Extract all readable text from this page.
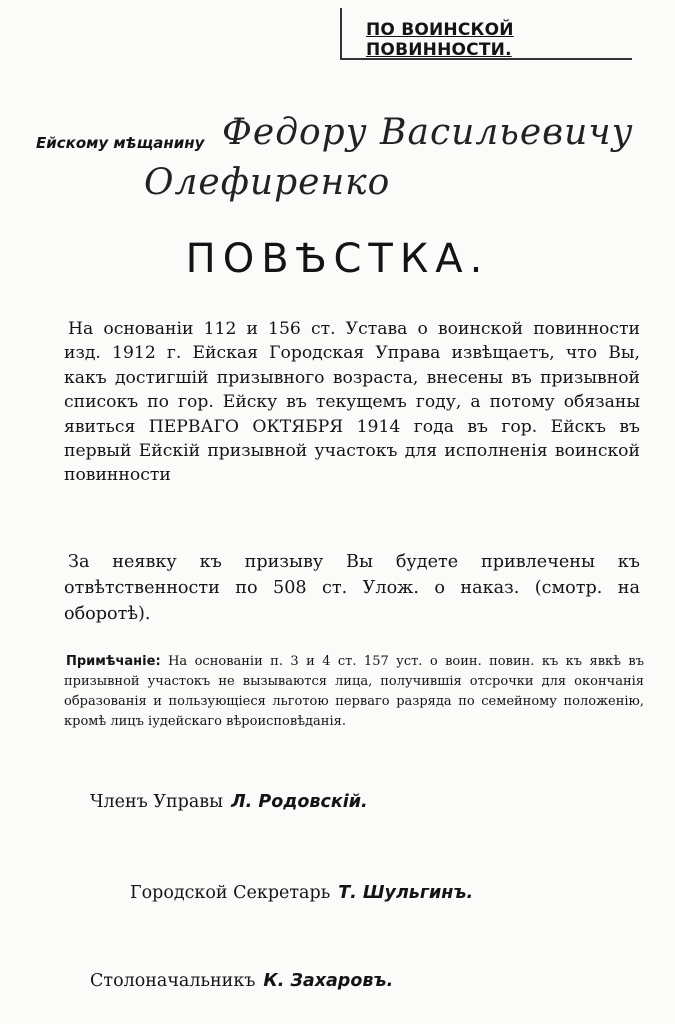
ПО ВОИНСКОЙ ПОВИННОСТИ.
Ейскому мѣщанину Федору Васильевичу
Олефиренко
ПОВѢСТКА.
На основанiи 112 и 156 ст. Устава о воинской повинности изд. 1912 г. Ейская Городская Управа извѣщаетъ, что Вы, какъ достигшiй призывного возраста, внесены въ призывной списокъ по гор. Ейску въ текущемъ году, а потому обязаны явиться ПЕРВАГО ОКТЯБРЯ 1914 года въ гор. Ейскъ въ первый Ейскiй призывной участокъ для исполненiя воинской повинности
За неявку къ призыву Вы будете привлечены къ отвѣтственности по 508 ст. Улож. о наказ. (смотр. на оборотѣ).
Примѣчанiе: На основанiи п. 3 и 4 ст. 157 уст. о воин. повин. къ къ явкѣ въ призывной участокъ не вызываются лица, получившiя отсрочки для окончанiя образованiя и пользующiеся льготою перваго разряда по семейному положенiю, кромѣ лицъ iудейскаго вѣроисповѣданiя.
Членъ Управы Л. Родовскiй.
Городской Секретарь Т. Шульгинъ.
Столоначальникъ К. Захаровъ.
